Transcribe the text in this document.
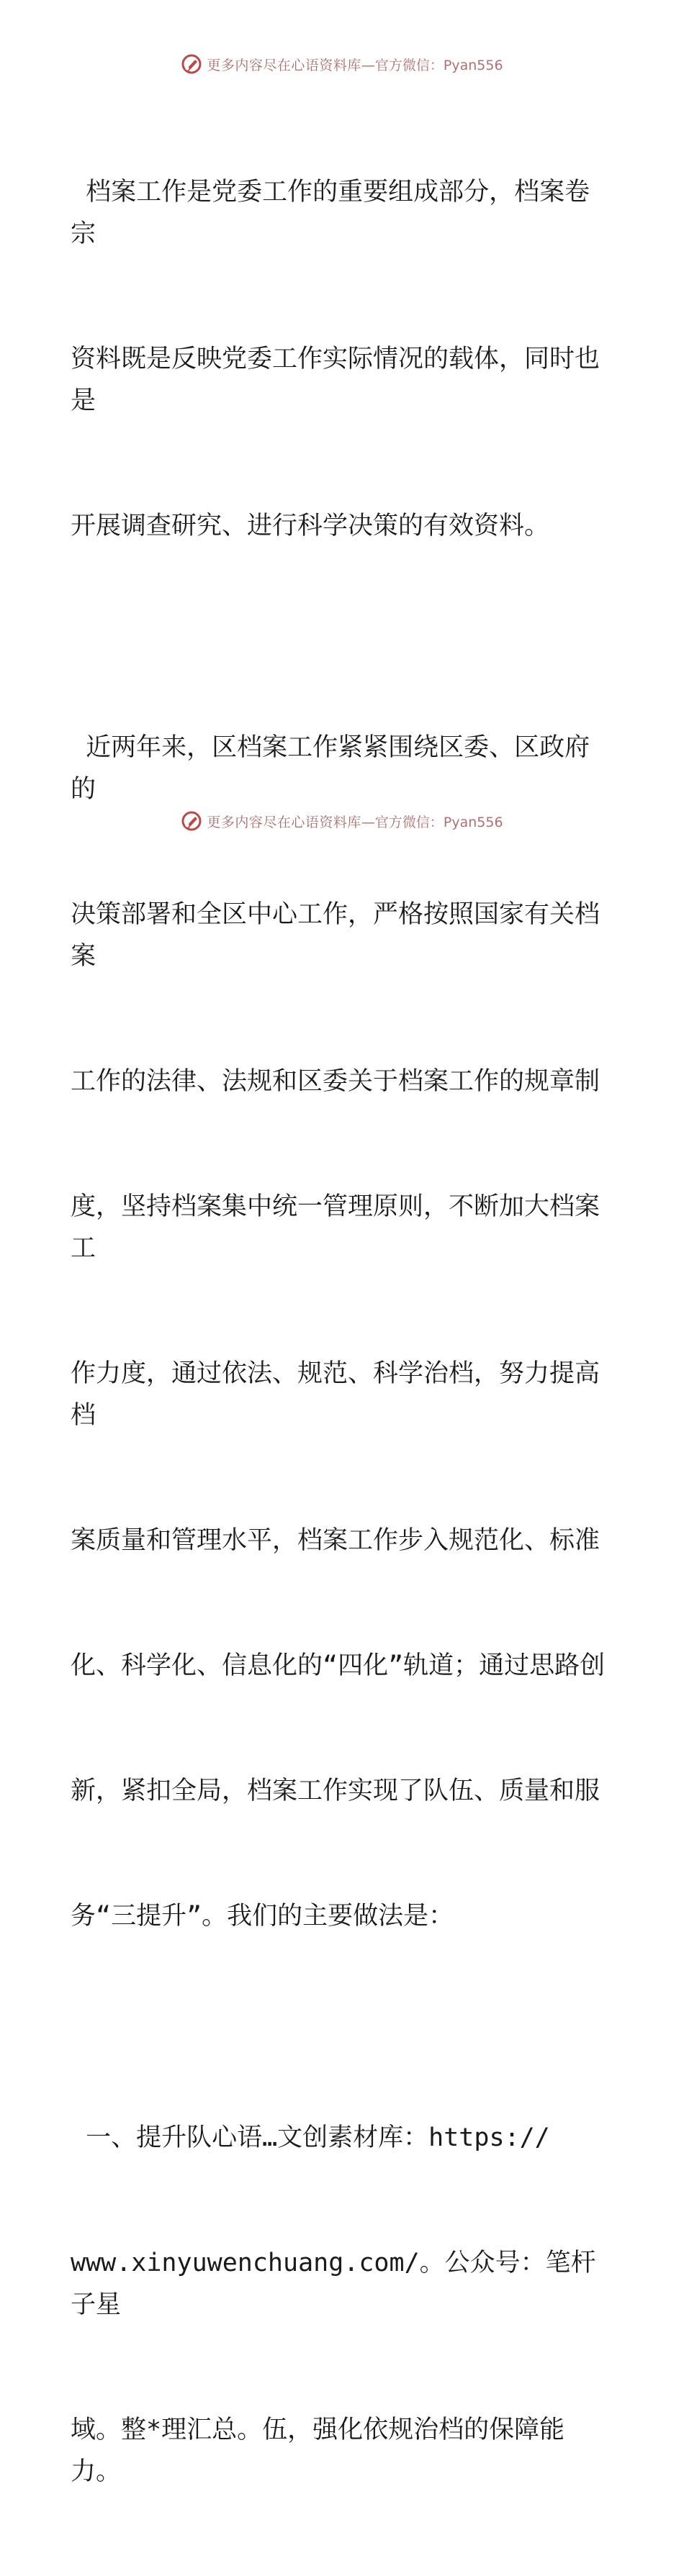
更多内容尽在心语资料库 —官方微信：Pyan556

档案工作是党委工作的重要组成部分，档案卷宗

资料既是反映党委工作实际情况的载体，同时也是

开展调查研究、进行科学决策的有效资料。

近两年来，区档案工作紧紧围绕区委、区政府的

决策部署和全区中心工作，严格按照国家有关档案

工作的法律、法规和区委关于档案工作的规章制

度，坚持档案集中统一管理原则，不断加大档案工

作力度，通过依法、规范、科学治档，努力提高档

案质量和管理水平，档案工作步入规范化、标准

化、科学化、信息化的“四化”轨道；通过思路创

新，紧扣全局，档案工作实现了队伍、质量和服

务“三提升”。我们的主要做法是：

一、提升队心语…文创素材库：https://

www.xinyuwenchuang.com/。公众号：笔杆子星

域。整*理汇总。伍，强化依规治档的保障能力。

更多内容尽在心语资料库 —官方微信：Pyan556
